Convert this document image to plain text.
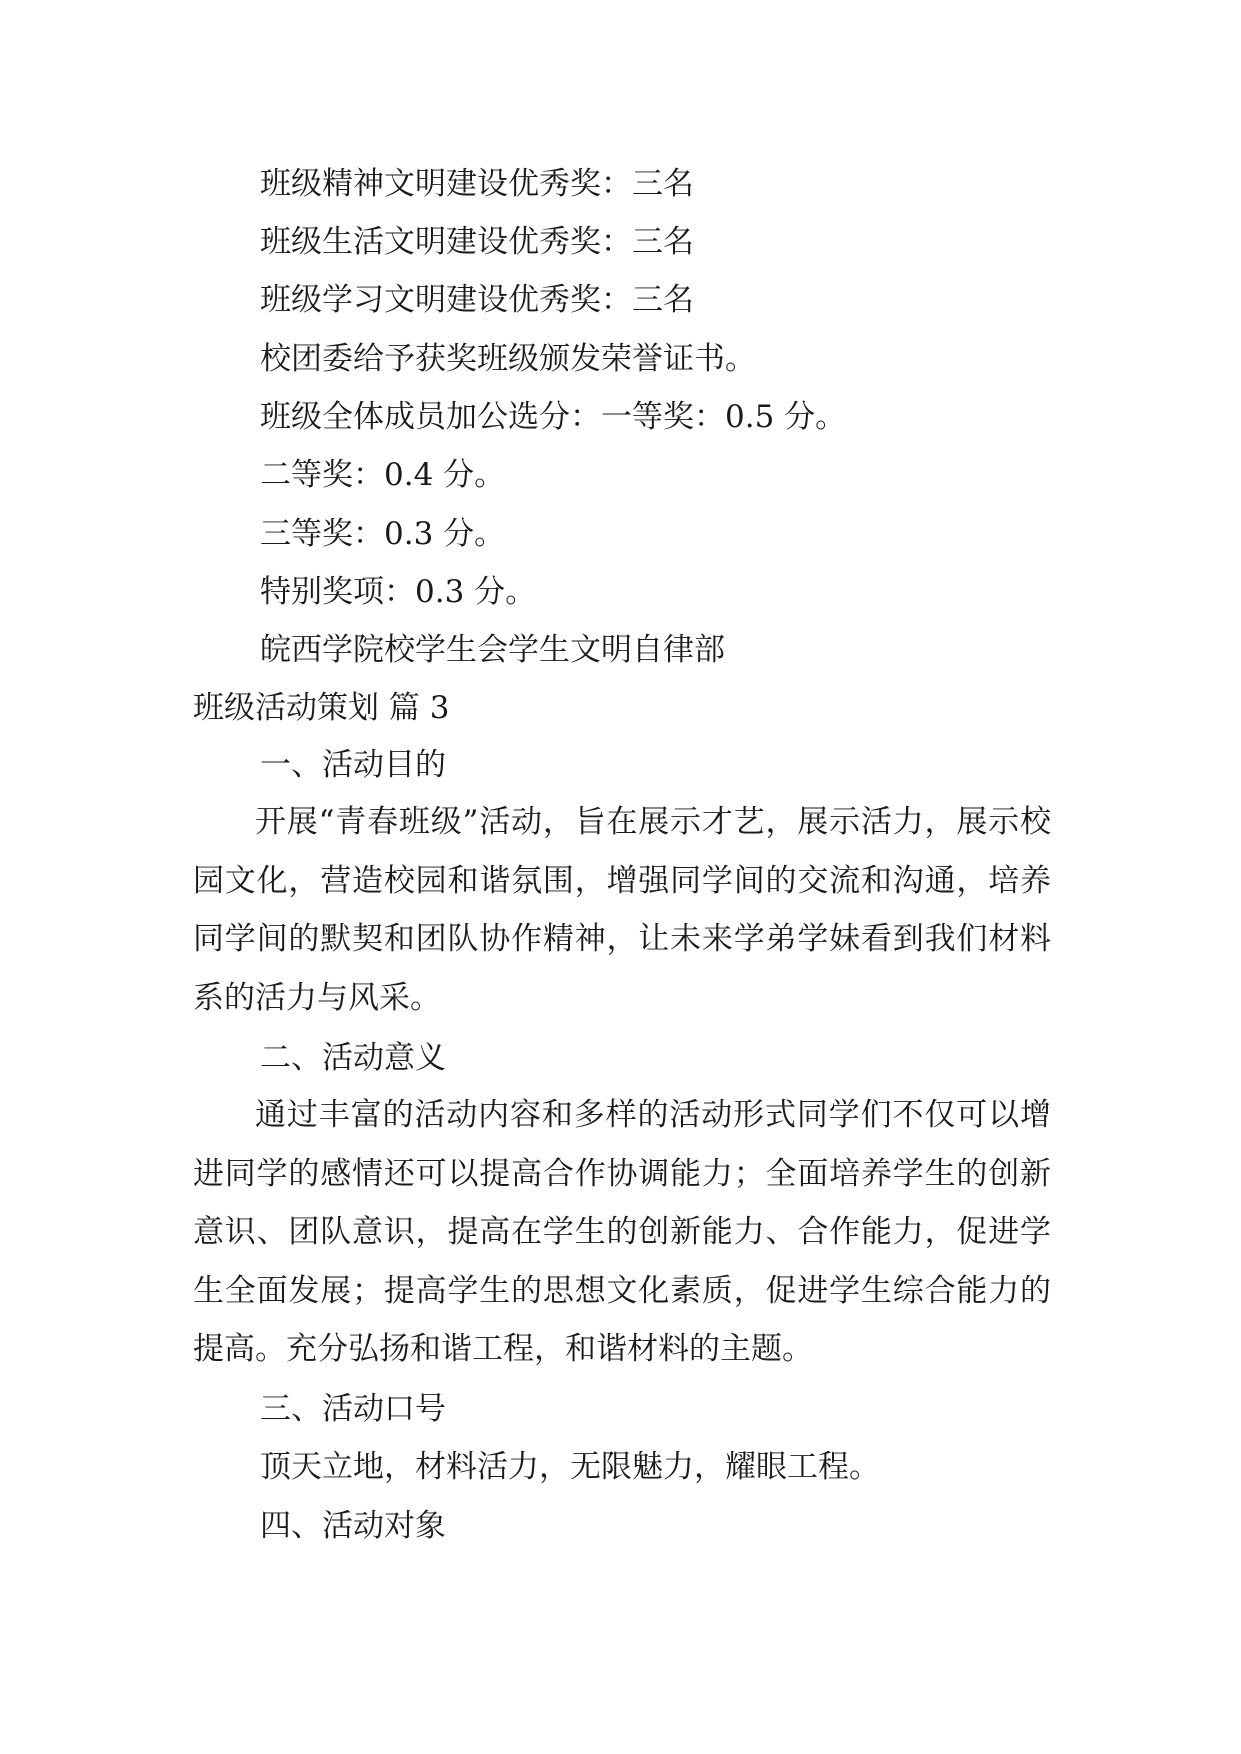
班级精神文明建设优秀奖：三名
班级生活文明建设优秀奖：三名
班级学习文明建设优秀奖：三名
校团委给予获奖班级颁发荣誉证书。
班级全体成员加公选分：一等奖：0.5 分。
二等奖：0.4 分。
三等奖：0.3 分。
特别奖项：0.3 分。
皖西学院校学生会学生文明自律部
班级活动策划 篇 3
一、活动目的

开展“青春班级”活动，旨在展示才艺，展示活力，展示校园文化，营造校园和谐氛围，增强同学间的交流和沟通，培养同学间的默契和团队协作精神，让未来学弟学妹看到我们材料系的活力与风采。

二、活动意义

通过丰富的活动内容和多样的活动形式同学们不仅可以增进同学的感情还可以提高合作协调能力；全面培养学生的创新意识、团队意识，提高在学生的创新能力、合作能力，促进学生全面发展；提高学生的思想文化素质，促进学生综合能力的提高。充分弘扬和谐工程，和谐材料的主题。

三、活动口号
顶天立地，材料活力，无限魅力，耀眼工程。
四、活动对象
